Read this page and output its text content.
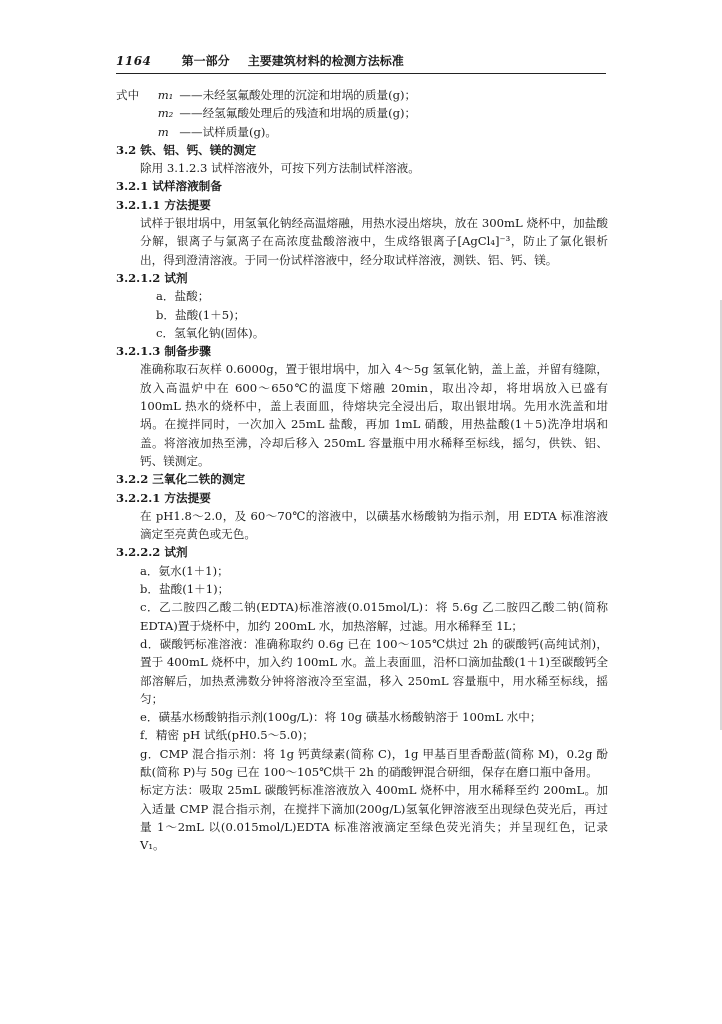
1164	第一部分 主要建筑材料的检测方法标准
式中 m₁ ——未经氢氟酸处理的沉淀和坩埚的质量(g)；
m₂ ——经氢氟酸处理后的残渣和坩埚的质量(g)；
m ——试样质量(g)。
3.2 铁、铝、钙、镁的测定
除用 3.1.2.3 试样溶液外，可按下列方法制试样溶液。
3.2.1 试样溶液制备
3.2.1.1 方法提要
试样于银坩埚中，用氢氧化钠经高温熔融，用热水浸出熔块，放在 300mL 烧杯中，加盐酸分解，银离子与氯离子在高浓度盐酸溶液中，生成络银离子[AgCl₄]⁻³，防止了氯化银析出，得到澄清溶液。于同一份试样溶液中，经分取试样溶液，测铁、铝、钙、镁。
3.2.1.2 试剂
a．盐酸；
b．盐酸(1＋5)；
c．氢氧化钠(固体)。
3.2.1.3 制备步骤
准确称取石灰样 0.6000g，置于银坩埚中，加入 4～5g 氢氧化钠，盖上盖，并留有缝隙，放入高温炉中在 600～650℃的温度下熔融 20min，取出冷却，将坩埚放入已盛有 100mL 热水的烧杯中，盖上表面皿，待熔块完全浸出后，取出银坩埚。先用水洗盖和坩埚。在搅拌同时，一次加入 25mL 盐酸，再加 1mL 硝酸，用热盐酸(1＋5)洗净坩埚和盖。将溶液加热至沸，冷却后移入 250mL 容量瓶中用水稀释至标线，摇匀，供铁、铝、钙、镁测定。
3.2.2 三氧化二铁的测定
3.2.2.1 方法提要
在 pH1.8～2.0，及 60～70℃的溶液中，以磺基水杨酸钠为指示剂，用 EDTA 标准溶液滴定至亮黄色或无色。
3.2.2.2 试剂
a．氨水(1＋1)；
b．盐酸(1＋1)；
c．乙二胺四乙酸二钠(EDTA)标准溶液(0.015mol/L)：将 5.6g 乙二胺四乙酸二钠(简称 EDTA)置于烧杯中，加约 200mL 水，加热溶解，过滤。用水稀释至 1L；
d．碳酸钙标准溶液：准确称取约 0.6g 已在 100～105℃烘过 2h 的碳酸钙(高纯试剂)，置于 400mL 烧杯中，加入约 100mL 水。盖上表面皿，沿杯口滴加盐酸(1＋1)至碳酸钙全部溶解后，加热煮沸数分钟将溶液冷至室温，移入 250mL 容量瓶中，用水稀至标线，摇匀；
e．磺基水杨酸钠指示剂(100g/L)：将 10g 磺基水杨酸钠溶于 100mL 水中；
f．精密 pH 试纸(pH0.5～5.0)；
g．CMP 混合指示剂：将 1g 钙黄绿素(简称 C)，1g 甲基百里香酚蓝(简称 M)，0.2g 酚酞(简称 P)与 50g 已在 100～105℃烘干 2h 的硝酸钾混合研细，保存在磨口瓶中备用。
标定方法：吸取 25mL 碳酸钙标准溶液放入 400mL 烧杯中，用水稀释至约 200mL。加入适量 CMP 混合指示剂，在搅拌下滴加(200g/L)氢氧化钾溶液至出现绿色荧光后，再过量 1～2mL 以(0.015mol/L)EDTA 标准溶液滴定至绿色荧光消失；并呈现红色，记录 V₁。
